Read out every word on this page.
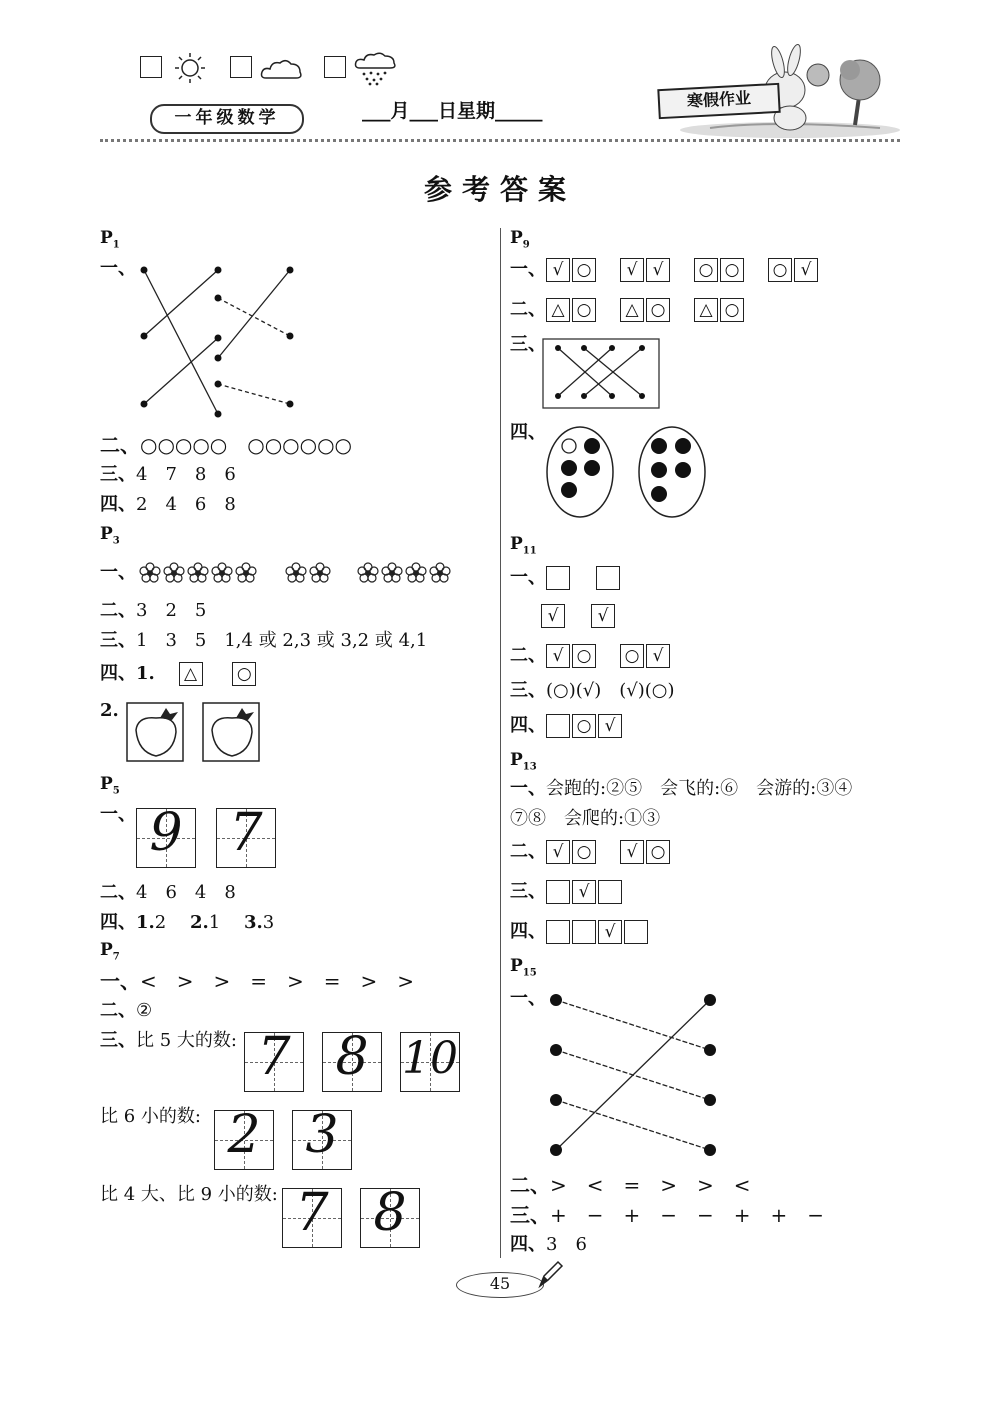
一年级数学	___月___日星期_____
寒假作业
参考答案
$P_1$
一、
二、○○○○○　 ○○○○○○
三、4　7　8　6
四、2　4　6　8
$P_3$
一、
二、3　2　5
三、1　3　5　1,4 或 2,3 或 3,2 或 4,1
四、1. △ ○
2.
$P_5$
一、 9 7
二、4　6　4　8
四、1.2 　 2.1 　 3.3
$P_7$
一、<　>　>　=　>　=　>　>
二、②
三、比 5 大的数: 7 8 10
比 6 小的数: 2 3
比 4 大、比 9 小的数: 7 8
$P_9$
一、 √ ○ √ √ ○ ○ ○ √
二、 △ ○ △ ○ △ ○
三、
四、
$P_{11}$
一、
√ √
二、 √ ○ ○ √
三、(○)(√)　(√)(○)
四、 ○ √
$P_{13}$
一、会跑的:②⑤　会飞的:⑥　会游的:③④
⑦⑧　会爬的:①③
二、 √ ○ √ ○
三、 √
四、	√
$P_{15}$
一、
二、>　<　=　>　>　<
三、+　−　+　−　−　+　+　−
四、3　6
45
